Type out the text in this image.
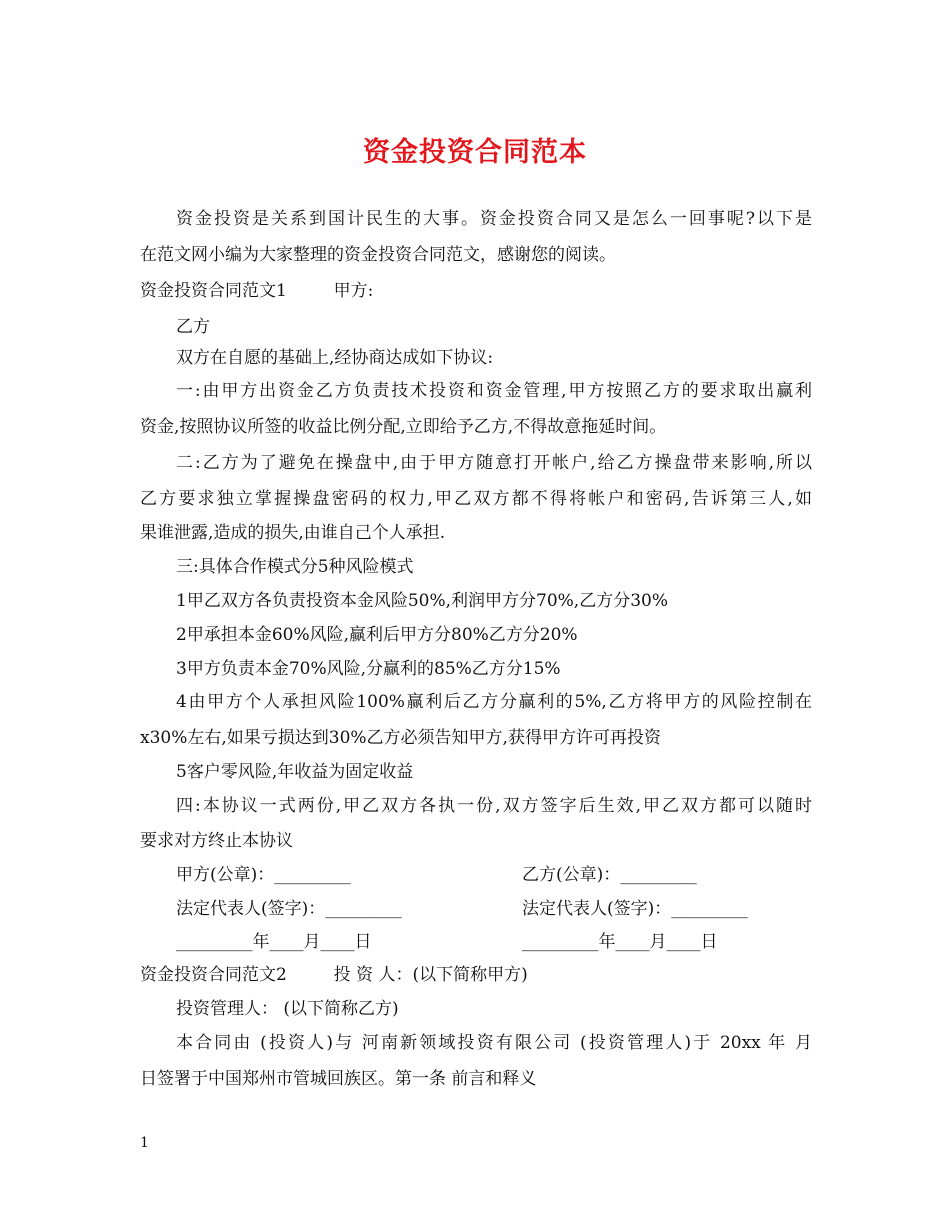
资金投资合同范本
资金投资是关系到国计民生的大事。资金投资合同又是怎么一回事呢?以下是
在范文网小编为大家整理的资金投资合同范文，感谢您的阅读。
资金投资合同范文1	甲方:
乙方
双方在自愿的基础上,经协商达成如下协议:
一:由甲方出资金乙方负责技术投资和资金管理,甲方按照乙方的要求取出赢利
资金,按照协议所签的收益比例分配,立即给予乙方,不得故意拖延时间。
二:乙方为了避免在操盘中,由于甲方随意打开帐户,给乙方操盘带来影响,所以
乙方要求独立掌握操盘密码的权力,甲乙双方都不得将帐户和密码,告诉第三人,如
果谁泄露,造成的损失,由谁自己个人承担.
三:具体合作模式分5种风险模式
1甲乙双方各负责投资本金风险50%,利润甲方分70%,乙方分30%
2甲承担本金60%风险,赢利后甲方分80%乙方分20%
3甲方负责本金70%风险,分赢利的85%乙方分15%
4由甲方个人承担风险100%赢利后乙方分赢利的5%,乙方将甲方的风险控制在
x30%左右,如果亏损达到30%乙方必须告知甲方,获得甲方许可再投资
5客户零风险,年收益为固定收益
四:本协议一式两份,甲乙双方各执一份,双方签字后生效,甲乙双方都可以随时
要求对方终止本协议
甲方(公章)：_________	乙方(公章)：_________
法定代表人(签字)：_________	法定代表人(签字)：_________
_________年____月____日	_________年____月____日
资金投资合同范文2	投 资 人：(以下简称甲方)
投资管理人： (以下简称乙方)
本合同由 (投资人)与 河南新领域投资有限公司 (投资管理人)于 20xx 年 月
日签署于中国郑州市管城回族区。第一条 前言和释义
1
